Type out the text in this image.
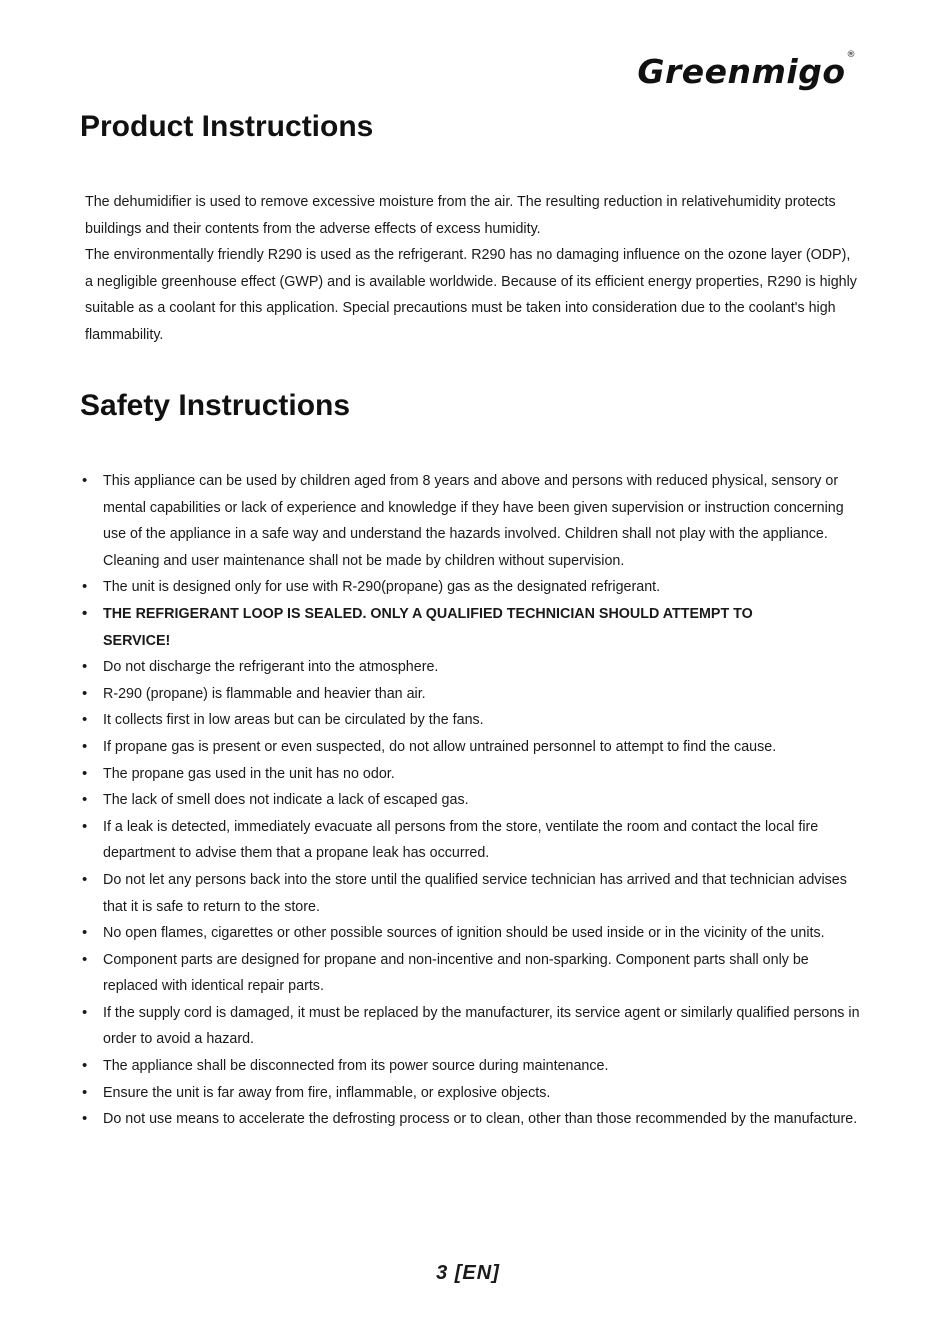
Greenmigo®
Product Instructions

The dehumidifier is used to remove excessive moisture from the air. The resulting reduction in relativehumidity protects buildings and their contents from the adverse effects of excess humidity.

The environmentally friendly R290 is used as the refrigerant. R290 has no damaging influence on the ozone layer (ODP), a negligible greenhouse effect (GWP) and is available worldwide. Because of its efficient energy properties, R290 is highly suitable as a coolant for this application. Special precautions must be taken into consideration due to the coolant's high flammability.

Safety Instructions
• This appliance can be used by children aged from 8 years and above and persons with reduced physical, sensory or mental capabilities or lack of experience and knowledge if they have been given supervision or instruction concerning use of the appliance in a safe way and understand the hazards involved. Children shall not play with the appliance. Cleaning and user maintenance shall not be made by children without supervision.
• The unit is designed only for use with R-290(propane) gas as the designated refrigerant.
• THE REFRIGERANT LOOP IS SEALED. ONLY A QUALIFIED TECHNICIAN SHOULD ATTEMPT TO SERVICE!
• Do not discharge the refrigerant into the atmosphere.
• R-290 (propane) is flammable and heavier than air.
• It collects first in low areas but can be circulated by the fans.
• If propane gas is present or even suspected, do not allow untrained personnel to attempt to find the cause.
• The propane gas used in the unit has no odor.
• The lack of smell does not indicate a lack of escaped gas.
• If a leak is detected, immediately evacuate all persons from the store, ventilate the room and contact the local fire department to advise them that a propane leak has occurred.
• Do not let any persons back into the store until the qualified service technician has arrived and that technician advises that it is safe to return to the store.
• No open flames, cigarettes or other possible sources of ignition should be used inside or in the vicinity of the units.
• Component parts are designed for propane and non-incentive and non-sparking. Component parts shall only be replaced with identical repair parts.
• If the supply cord is damaged, it must be replaced by the manufacturer, its service agent or similarly qualified persons in order to avoid a hazard.
• The appliance shall be disconnected from its power source during maintenance.
• Ensure the unit is far away from fire, inflammable, or explosive objects.
• Do not use means to accelerate the defrosting process or to clean, other than those recommended by the manufacture.
3 [EN]
